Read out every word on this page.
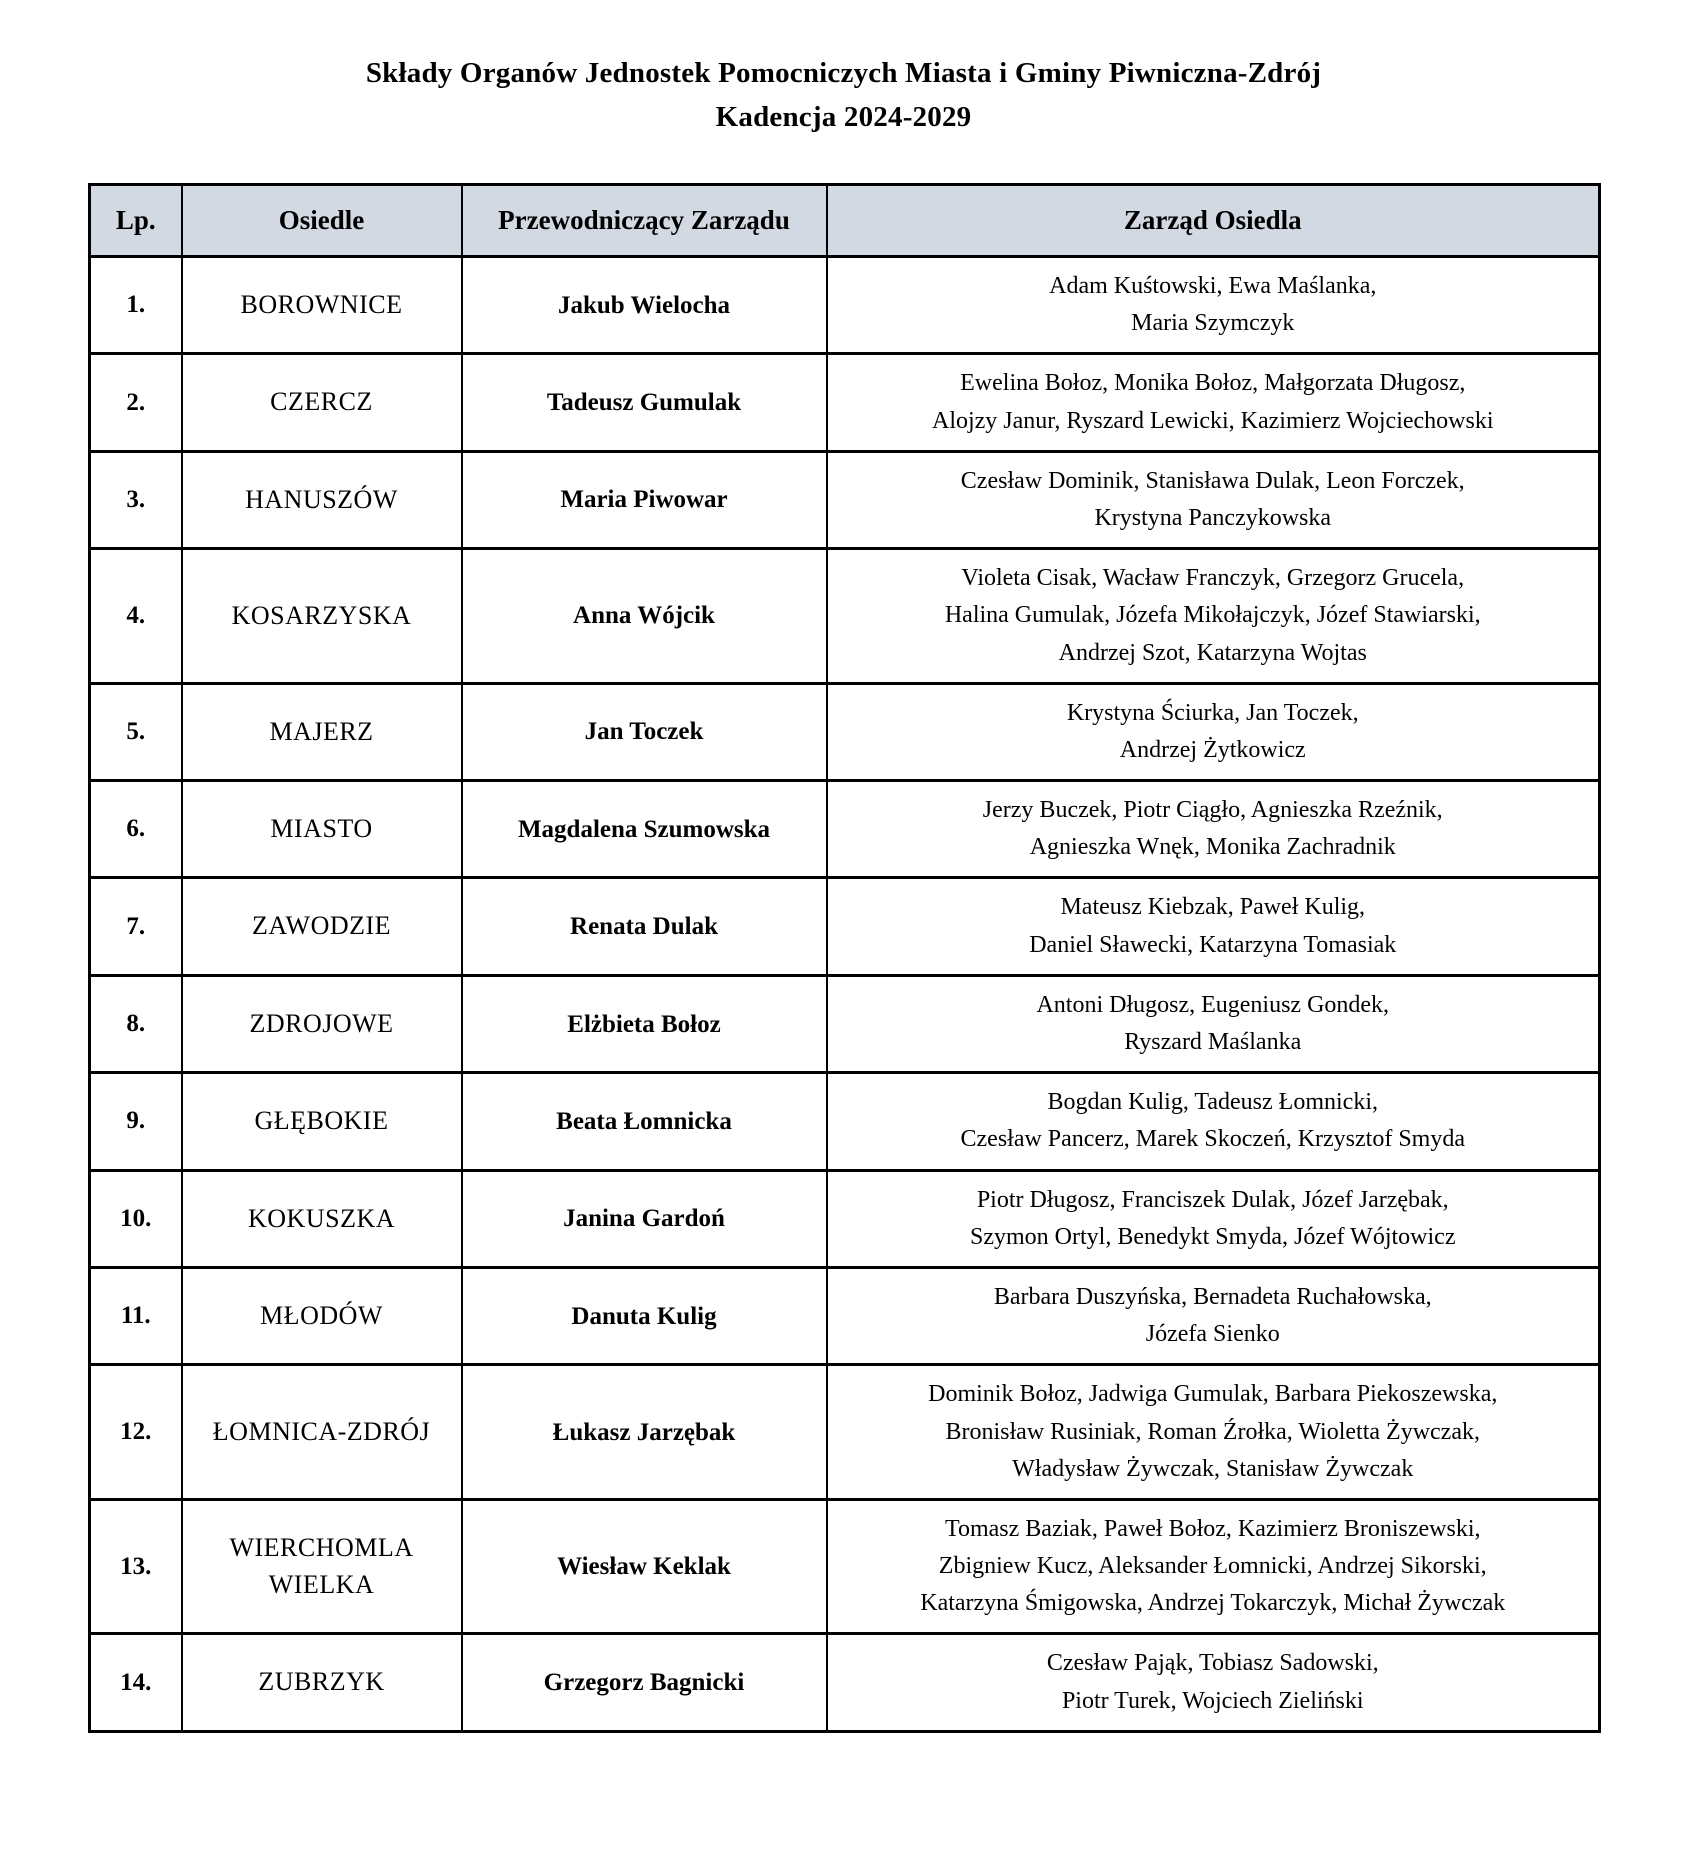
Składy Organów Jednostek Pomocniczych Miasta i Gminy Piwniczna-Zdrój
Kadencja 2024-2029
Lp.	Osiedle	Przewodniczący Zarządu	Zarząd Osiedla
1.	BOROWNICE	Jakub Wielocha	Adam Kuśtowski, Ewa Maślanka,
Maria Szymczyk

2.	CZERCZ	Tadeusz Gumulak	Ewelina Bołoz, Monika Bołoz, Małgorzata Długosz,
Alojzy Janur, Ryszard Lewicki, Kazimierz Wojciechowski

3.	HANUSZÓW	Maria Piwowar	Czesław Dominik, Stanisława Dulak, Leon Forczek,
Krystyna Panczykowska

4.	KOSARZYSKA	Anna Wójcik	Violeta Cisak, Wacław Franczyk, Grzegorz Grucela,
Halina Gumulak, Józefa Mikołajczyk, Józef Stawiarski,
Andrzej Szot, Katarzyna Wojtas

5.	MAJERZ	Jan Toczek	Krystyna Ściurka, Jan Toczek,
Andrzej Żytkowicz

6.	MIASTO	Magdalena Szumowska	Jerzy Buczek, Piotr Ciągło, Agnieszka Rzeźnik,
Agnieszka Wnęk, Monika Zachradnik

7.	ZAWODZIE	Renata Dulak	Mateusz Kiebzak, Paweł Kulig,
Daniel Sławecki, Katarzyna Tomasiak

8.	ZDROJOWE	Elżbieta Bołoz	Antoni Długosz, Eugeniusz Gondek,
Ryszard Maślanka

9.	GŁĘBOKIE	Beata Łomnicka	Bogdan Kulig, Tadeusz Łomnicki,
Czesław Pancerz, Marek Skoczeń, Krzysztof Smyda

10.	KOKUSZKA	Janina Gardoń	Piotr Długosz, Franciszek Dulak, Józef Jarzębak,
Szymon Ortyl, Benedykt Smyda, Józef Wójtowicz

11.	MŁODÓW	Danuta Kulig	Barbara Duszyńska, Bernadeta Ruchałowska,
Józefa Sienko

12.	ŁOMNICA-ZDRÓJ	Łukasz Jarzębak	Dominik Bołoz, Jadwiga Gumulak, Barbara Piekoszewska,
Bronisław Rusiniak, Roman Źrołka, Wioletta Żywczak,
Władysław Żywczak, Stanisław Żywczak

13.	WIERCHOMLA WIELKA	Wiesław Keklak	Tomasz Baziak, Paweł Bołoz, Kazimierz Broniszewski,
Zbigniew Kucz, Aleksander Łomnicki, Andrzej Sikorski,
Katarzyna Śmigowska, Andrzej Tokarczyk, Michał Żywczak

14.	ZUBRZYK	Grzegorz Bagnicki	Czesław Pająk, Tobiasz Sadowski,
Piotr Turek, Wojciech Zieliński
